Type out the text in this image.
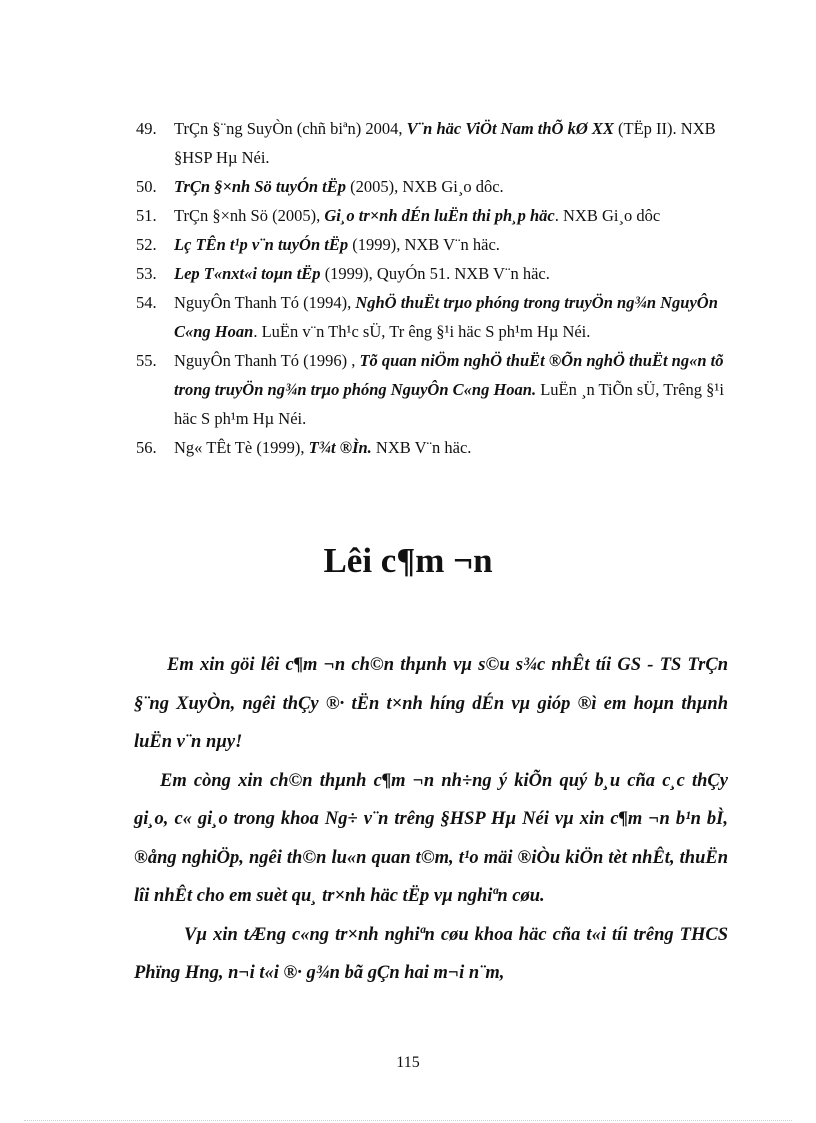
49. TrÇn §¨ng SuyÒn (chñ biªn) 2004, V¨n häc ViÖt Nam thÕ kØ XX (TËp II). NXB §HSP Hµ Néi.
50. TrÇn §×nh Sö tuyÓn tËp (2005), NXB Gi¸o dôc.
51. TrÇn §×nh Sö (2005), Gi¸o tr×nh dÉn luËn thi ph¸p häc. NXB Gi¸o dôc
52. Lç TÊn t¹p v¨n tuyÓn tËp (1999), NXB V¨n häc.
53. Lep T«nxt«i toµn tËp (1999), QuyÓn 51. NXB V¨n häc.
54. NguyÔn Thanh Tó (1994), NghÖ thuËt trµo phóng trong truyÖn ng¾n NguyÔn C«ng Hoan. LuËn v¨n Th¹c sÜ, Tr êng §¹i häc S ph¹m Hµ Néi.
55. NguyÔn Thanh Tó (1996) , Tõ quan niÖm nghÖ thuËt ®Õn nghÖ thuËt ng«n tõ trong truyÖn ng¾n trµo phóng NguyÔn C«ng Hoan. LuËn ¸n TiÕn sÜ, Trêng §¹i häc S ph¹m Hµ Néi.
56. Ng« TÊt Tè (1999), T¾t ®Ìn. NXB V¨n häc.
Lêi c¶m ¬n

Em xin göi lêi c¶m ¬n ch©n thµnh vµ s©u s¾c nhÊt tíi GS - TS TrÇn §¨ng XuyÒn, ngêi thÇy ®· tËn t×nh híng dÉn vµ gióp ®ì em hoµn thµnh luËn v¨n nµy!

Em còng xin ch©n thµnh c¶m ¬n nh÷ng ý kiÕn quý b¸u cña c¸c thÇy gi¸o, c« gi¸o trong khoa Ng÷ v¨n trêng §HSP Hµ Néi vµ xin c¶m ¬n b¹n bÌ, ®ång nghiÖp, ngêi th©n lu«n quan t©m, t¹o mäi ®iÒu kiÖn tèt nhÊt, thuËn lîi nhÊt cho em suèt qu¸ tr×nh häc tËp vµ nghiªn cøu.

Vµ xin tÆng c«ng tr×nh nghiªn cøu khoa häc cña t«i tíi trêng THCS Phïng Hng, n¬i t«i ®· g¾n bã gÇn hai m¬i n¨m,

115
